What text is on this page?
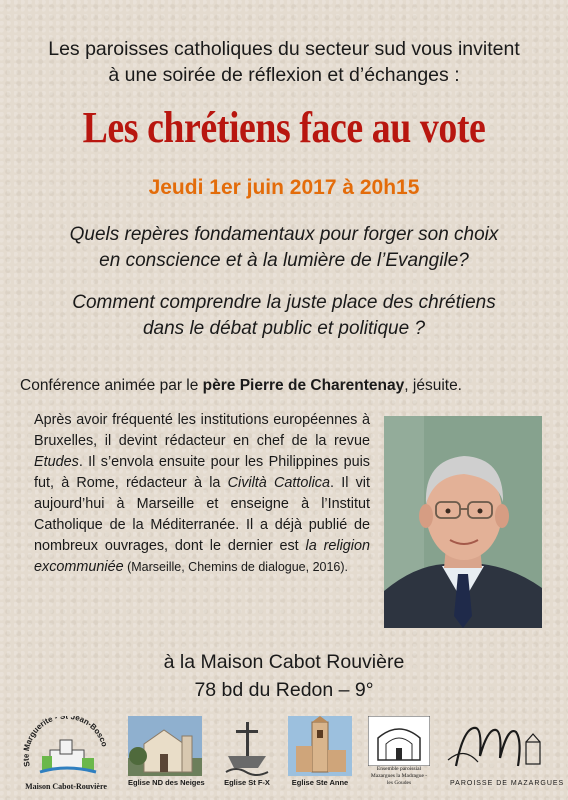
Les paroisses catholiques du secteur sud vous invitent
à une soirée de réflexion et d’échanges :
Les chrétiens face au vote
Jeudi 1er juin 2017 à 20h15
Quels repères fondamentaux pour forger son choix
en conscience et à la lumière de l’Evangile?
Comment comprendre la juste place des chrétiens
dans le débat public et politique ?
Conférence animée par le père Pierre de Charentenay, jésuite.
Après avoir fréquenté les institutions européennes à Bruxelles, il devint rédacteur en chef de la revue Etudes. Il s’envola ensuite pour les Philippines puis fut, à Rome, rédacteur à la Civiltà Cattolica. Il vit aujourd’hui à Marseille et enseigne à l’Institut Catholique de la Méditerranée. Il a déjà publié de nombreux ouvrages, dont le dernier est la religion excommuniée (Marseille, Chemins de dialogue, 2016).
à la Maison Cabot Rouvière
78 bd du Redon – 9°
Ste Marguerite - St Jean-Bosco
Maison Cabot-Rouvière	Eglise ND des Neiges	Eglise St F-X	Eglise Ste Anne
Ensemble paroissial Mazargues la Madrague - les Goudes	PAROISSE DE MAZARGUES
